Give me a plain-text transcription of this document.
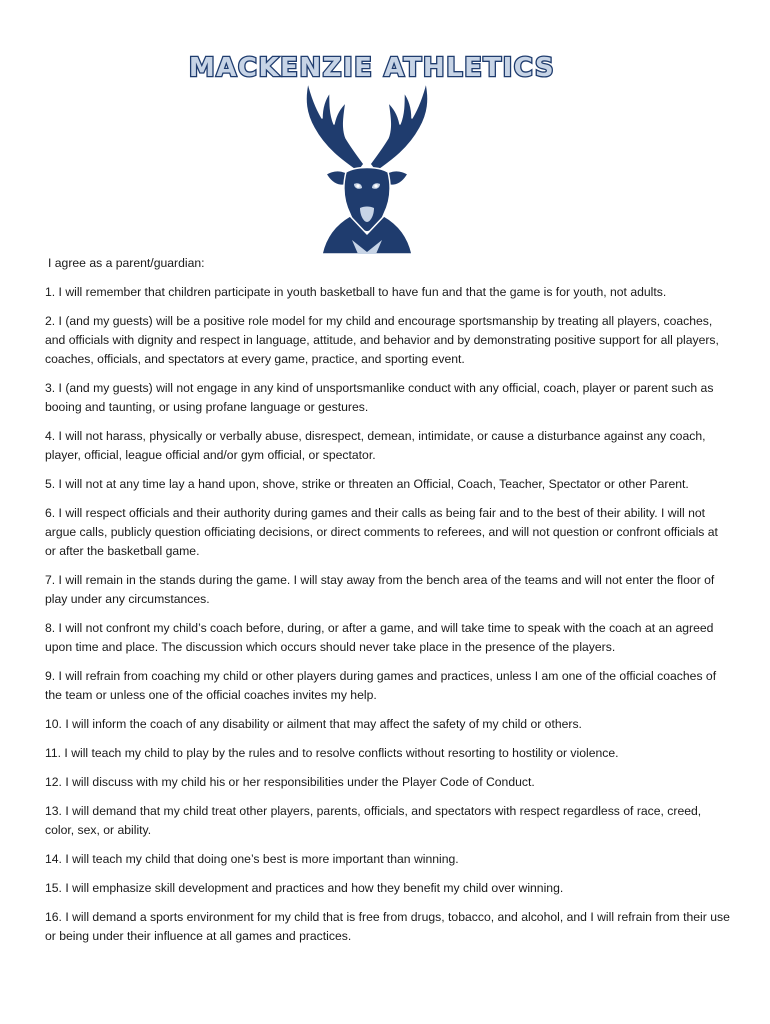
MACKENZIE ATHLETICS

I agree as a parent/guardian:

1. I will remember that children participate in youth basketball to have fun and that the game is for youth, not adults.

2. I (and my guests) will be a positive role model for my child and encourage sportsmanship by treating all players, coaches, and officials with dignity and respect in language, attitude, and behavior and by demonstrating positive support for all players, coaches, officials, and spectators at every game, practice, and sporting event.

3. I (and my guests) will not engage in any kind of unsportsmanlike conduct with any official, coach, player or parent such as booing and taunting, or using profane language or gestures.

4. I will not harass, physically or verbally abuse, disrespect, demean, intimidate, or cause a disturbance against any coach, player, official, league official and/or gym official, or spectator.

5. I will not at any time lay a hand upon, shove, strike or threaten an Official, Coach, Teacher, Spectator or other Parent.

6. I will respect officials and their authority during games and their calls as being fair and to the best of their ability. I will not argue calls, publicly question officiating decisions, or direct comments to referees, and will not question or confront officials at or after the basketball game.

7. I will remain in the stands during the game. I will stay away from the bench area of the teams and will not enter the floor of play under any circumstances.

8. I will not confront my child’s coach before, during, or after a game, and will take time to speak with the coach at an agreed upon time and place. The discussion which occurs should never take place in the presence of the players.

9. I will refrain from coaching my child or other players during games and practices, unless I am one of the official coaches of the team or unless one of the official coaches invites my help.

10. I will inform the coach of any disability or ailment that may affect the safety of my child or others.

11. I will teach my child to play by the rules and to resolve conflicts without resorting to hostility or violence.

12. I will discuss with my child his or her responsibilities under the Player Code of Conduct.

13. I will demand that my child treat other players, parents, officials, and spectators with respect regardless of race, creed, color, sex, or ability.

14. I will teach my child that doing one’s best is more important than winning.

15. I will emphasize skill development and practices and how they benefit my child over winning.

16. I will demand a sports environment for my child that is free from drugs, tobacco, and alcohol, and I will refrain from their use or being under their influence at all games and practices.
